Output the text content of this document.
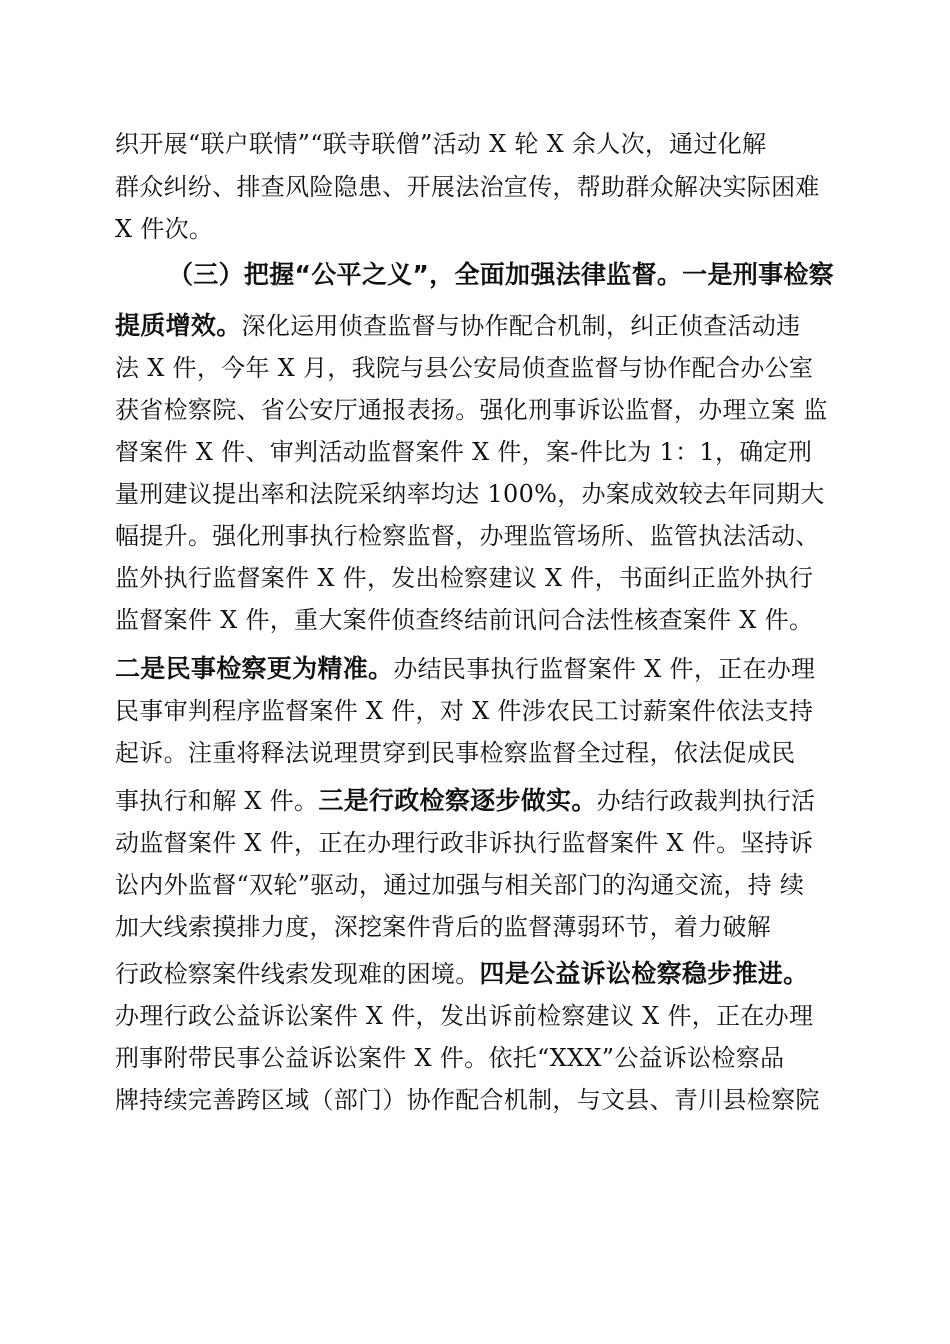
织开展“联户联情”“联寺联僧”活动 X 轮 X 余人次，通过化解
群众纠纷、排查风险隐患、开展法治宣传，帮助群众解决实际困难
X 件次。
（三）把握“公平之义”，全面加强法律监督。一是刑事检察
提质增效。深化运用侦查监督与协作配合机制，纠正侦查活动违
法 X 件，今年 X 月，我院与县公安局侦查监督与协作配合办公室
获省检察院、省公安厅通报表扬。强化刑事诉讼监督，办理立案 监
督案件 X 件、审判活动监督案件 X 件，案-件比为 1：1，确定刑
量刑建议提出率和法院采纳率均达 100%，办案成效较去年同期大
幅提升。强化刑事执行检察监督，办理监管场所、监管执法活动、
监外执行监督案件 X 件，发出检察建议 X 件，书面纠正监外执行
监督案件 X 件，重大案件侦查终结前讯问合法性核查案件 X 件。
二是民事检察更为精准。办结民事执行监督案件 X 件，正在办理
民事审判程序监督案件 X 件，对 X 件涉农民工讨薪案件依法支持
起诉。注重将释法说理贯穿到民事检察监督全过程，依法促成民
事执行和解 X 件。三是行政检察逐步做实。办结行政裁判执行活
动监督案件 X 件，正在办理行政非诉执行监督案件 X 件。坚持诉
讼内外监督“双轮”驱动，通过加强与相关部门的沟通交流，持 续
加大线索摸排力度，深挖案件背后的监督薄弱环节，着力破解
行政检察案件线索发现难的困境。四是公益诉讼检察稳步推进。
办理行政公益诉讼案件 X 件，发出诉前检察建议 X 件，正在办理
刑事附带民事公益诉讼案件 X 件。依托“XXX”公益诉讼检察品
牌持续完善跨区域（部门）协作配合机制，与文县、青川县检察院
